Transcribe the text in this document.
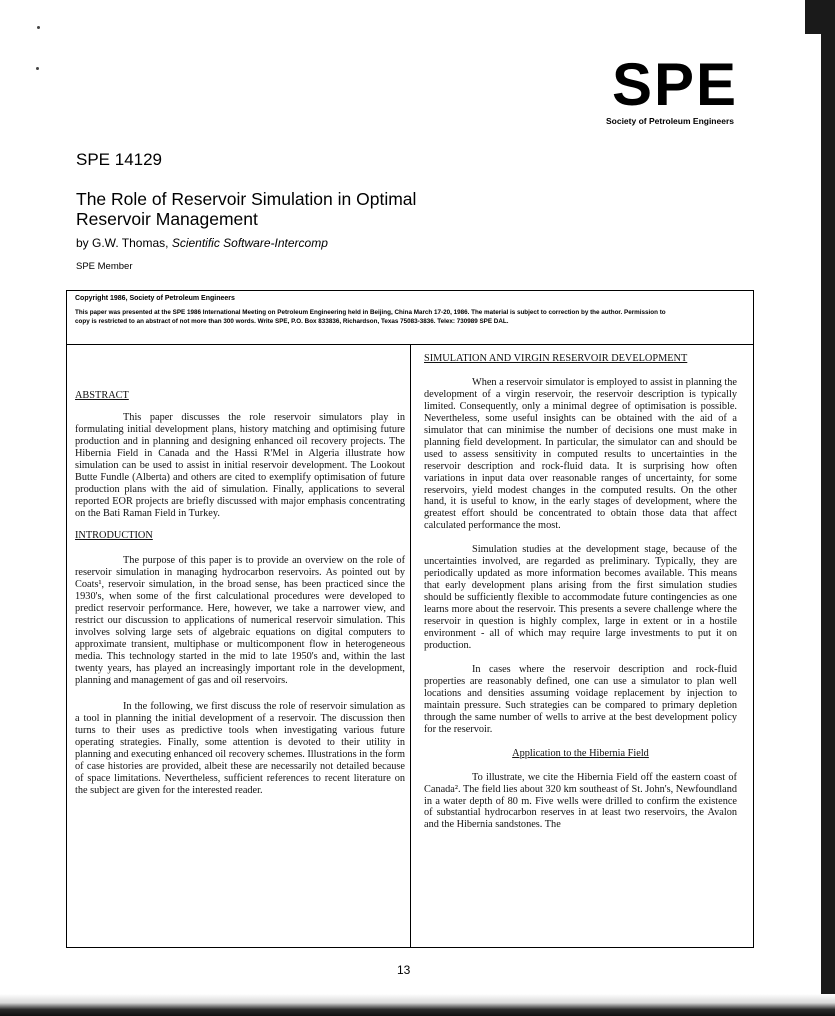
SPE
Society of Petroleum Engineers
SPE 14129
The Role of Reservoir Simulation in Optimal Reservoir Management
by G.W. Thomas, Scientific Software-Intercomp
SPE Member
Copyright 1986, Society of Petroleum Engineers
This paper was presented at the SPE 1986 International Meeting on Petroleum Engineering held in Beijing, China March 17-20, 1986. The material is subject to correction by the author. Permission to copy is restricted to an abstract of not more than 300 words. Write SPE, P.O. Box 833836, Richardson, Texas 75083-3836. Telex: 730989 SPE DAL.
ABSTRACT

This paper discusses the role reservoir simulators play in formulating initial development plans, history matching and optimising future production and in planning and designing enhanced oil recovery projects. The Hibernia Field in Canada and the Hassi R'Mel in Algeria illustrate how simulation can be used to assist in initial reservoir development. The Lookout Butte Fundle (Alberta) and others are cited to exemplify optimisation of future production plans with the aid of simulation. Finally, applications to several reported EOR projects are briefly discussed with major emphasis concentrating on the Bati Raman Field in Turkey.

INTRODUCTION

The purpose of this paper is to provide an overview on the role of reservoir simulation in managing hydrocarbon reservoirs. As pointed out by Coats¹, reservoir simulation, in the broad sense, has been practiced since the 1930's, when some of the first calculational procedures were developed to predict reservoir performance. Here, however, we take a narrower view, and restrict our discussion to applications of numerical reservoir simulation. This involves solving large sets of algebraic equations on digital computers to approximate transient, multiphase or multicomponent flow in heterogeneous media. This technology started in the mid to late 1950's and, within the last twenty years, has played an increasingly important role in the development, planning and management of gas and oil reservoirs.

In the following, we first discuss the role of reservoir simulation as a tool in planning the initial development of a reservoir. The discussion then turns to their uses as predictive tools when investigating various future operating strategies. Finally, some attention is devoted to their utility in planning and executing enhanced oil recovery schemes. Illustrations in the form of case histories are provided, albeit these are necessarily not detailed because of space limitations. Nevertheless, sufficient references to recent literature on the subject are given for the interested reader.

SIMULATION AND VIRGIN RESERVOIR DEVELOPMENT

When a reservoir simulator is employed to assist in planning the development of a virgin reservoir, the reservoir description is typically limited. Consequently, only a minimal degree of optimisation is possible. Nevertheless, some useful insights can be obtained with the aid of a simulator that can minimise the number of decisions one must make in planning field development. In particular, the simulator can and should be used to assess sensitivity in computed results to uncertainties in the reservoir description and rock-fluid data. It is surprising how often variations in input data over reasonable ranges of uncertainty, for some reservoirs, yield modest changes in the computed results. On the other hand, it is useful to know, in the early stages of development, where the greatest effort should be concentrated to obtain those data that affect calculated performance the most.

Simulation studies at the development stage, because of the uncertainties involved, are regarded as preliminary. Typically, they are periodically updated as more information becomes available. This means that early development plans arising from the first simulation studies should be sufficiently flexible to accommodate future contingencies as one learns more about the reservoir. This presents a severe challenge where the reservoir in question is highly complex, large in extent or in a hostile environment - all of which may require large investments to put it on production.

In cases where the reservoir description and rock-fluid properties are reasonably defined, one can use a simulator to plan well locations and densities assuming voidage replacement by injection to maintain pressure. Such strategies can be compared to primary depletion through the same number of wells to arrive at the best development policy for the reservoir.

Application to the Hibernia Field

To illustrate, we cite the Hibernia Field off the eastern coast of Canada². The field lies about 320 km southeast of St. John's, Newfoundland in a water depth of 80 m. Five wells were drilled to confirm the existence of substantial hydrocarbon reserves in at least two reservoirs, the Avalon and the Hibernia sandstones. The

13
